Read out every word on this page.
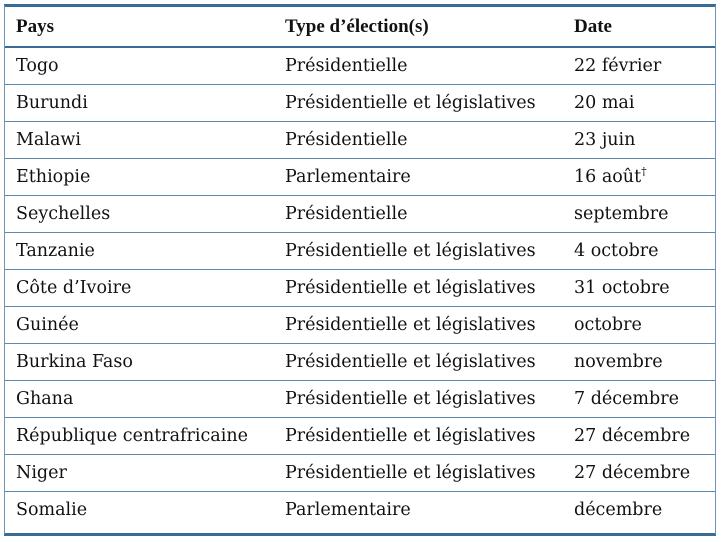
Pays	Type d’élection(s)	Date
Togo	Présidentielle	22 février
Burundi	Présidentielle et législatives	20 mai
Malawi	Présidentielle	23 juin
Ethiopie	Parlementaire	16 août†
Seychelles	Présidentielle	septembre
Tanzanie	Présidentielle et législatives	4 octobre
Côte d’Ivoire	Présidentielle et législatives	31 octobre
Guinée	Présidentielle et législatives	octobre
Burkina Faso	Présidentielle et législatives	novembre
Ghana	Présidentielle et législatives	7 décembre
République centrafricaine	Présidentielle et législatives	27 décembre
Niger	Présidentielle et législatives	27 décembre
Somalie	Parlementaire	décembre
